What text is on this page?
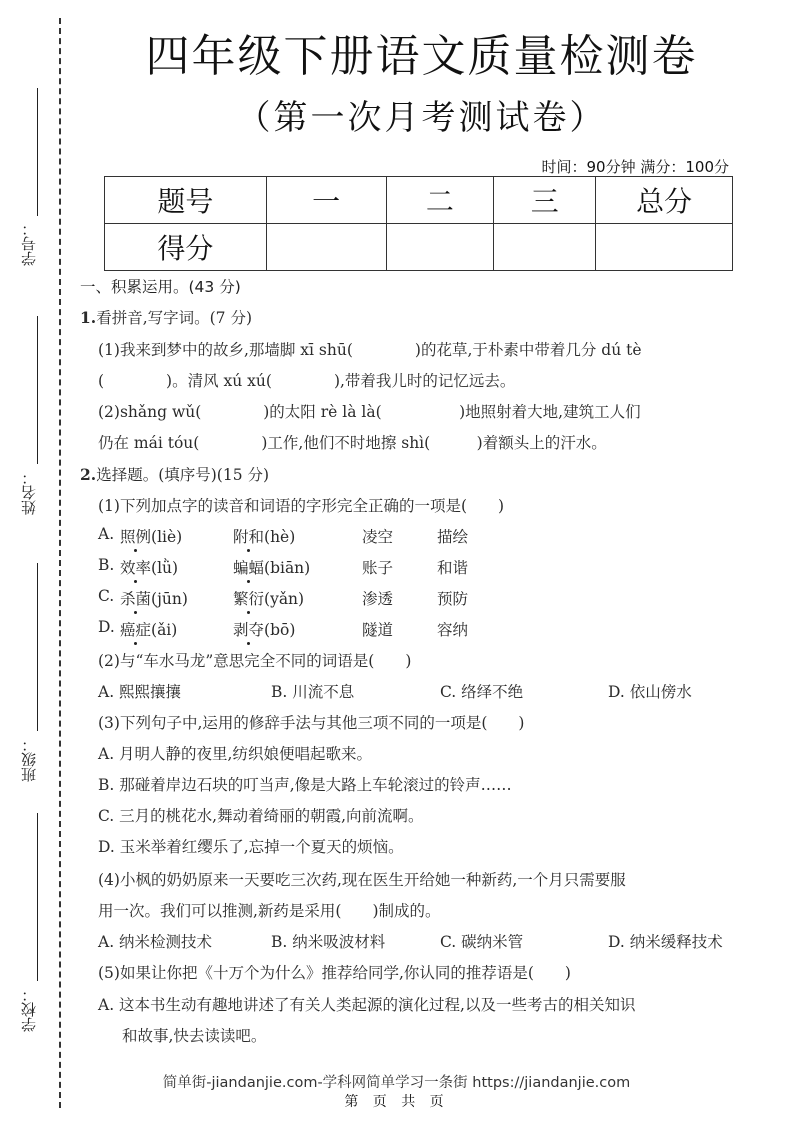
学号：
姓名：
班级：
学校：
四年级下册语文质量检测卷
（第一次月考测试卷）
时间：90分钟 满分：100分
题号	一	二	三	总分
得分				
一、积累运用。(43 分)
1.看拼音,写字词。(7 分)
(1)我来到梦中的故乡,那墙脚 xī shū(　　　　)的花草,于朴素中带着几分 dú tè
(　　　　)。清风 xú xú(　　　　),带着我儿时的记忆远去。
(2)shǎng wǔ(　　　　)的太阳 rè là là(　　　　　)地照射着大地,建筑工人们
仍在 mái tóu(　　　　)工作,他们不时地擦 shì(　　　)着额头上的汗水。
2.选择题。(填序号)(15 分)
(1)下列加点字的读音和词语的字形完全正确的一项是(　　)
A. 照例(liè)	附和(hè)	凌空	描绘
B. 效率(lǜ)	蝙蝠(biān)	账子	和谐
C. 杀菌(jūn)	繁衍(yǎn)	渗透	预防
D. 癌症(ǎi)	剥夺(bō)	隧道	容纳
(2)与“车水马龙”意思完全不同的词语是(　　)
A. 熙熙攘攘	B. 川流不息	C. 络绎不绝	D. 依山傍水
(3)下列句子中,运用的修辞手法与其他三项不同的一项是(　　)
A. 月明人静的夜里,纺织娘便唱起歌来。
B. 那碰着岸边石块的叮当声,像是大路上车轮滚过的铃声……
C. 三月的桃花水,舞动着绮丽的朝霞,向前流啊。
D. 玉米举着红缨乐了,忘掉一个夏天的烦恼。
(4)小枫的奶奶原来一天要吃三次药,现在医生开给她一种新药,一个月只需要服
用一次。我们可以推测,新药是采用(　　)制成的。
A. 纳米检测技术	B. 纳米吸波材料	C. 碳纳米管	D. 纳米缓释技术
(5)如果让你把《十万个为什么》推荐给同学,你认同的推荐语是(　　)
A. 这本书生动有趣地讲述了有关人类起源的演化过程,以及一些考古的相关知识
和故事,快去读读吧。
简单街-jiandanjie.com-学科网简单学习一条街 https://jiandanjie.com
第 页 共 页
